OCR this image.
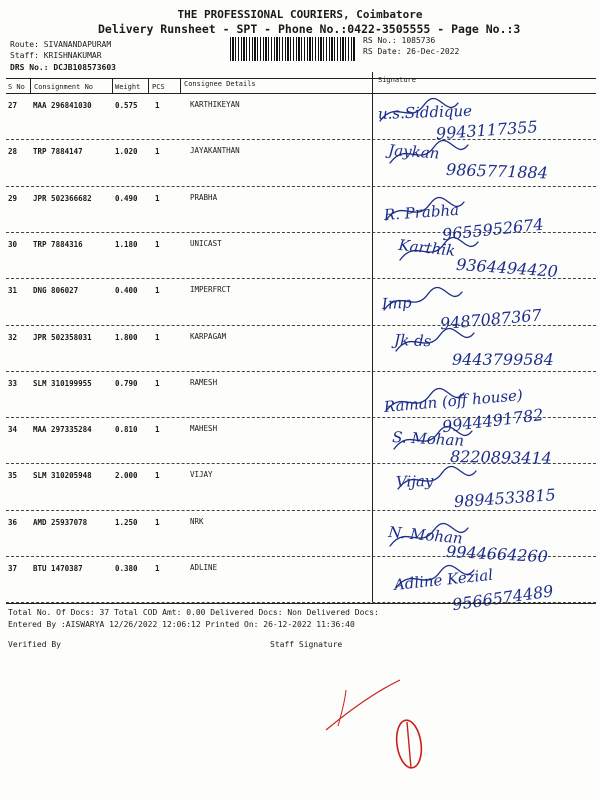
THE PROFESSIONAL COURIERS, Coimbatore
Delivery Runsheet - SPT - Phone No.:0422-3505555 - Page No.:3
Route: SIVANANDAPURAM
Staff: KRISHNAKUMAR
DRS No.: DCJB108573603
RS No.: 1085736
RS Date: 26-Dec-2022
S No Consignment No	Weight PCS	Consignee Details	Signature
27 MAA 296841030	0.575 1	KARTHIKEYAN	u.s.Siddique
9943117355
28 TRP 7884147	1.020 1	JAYAKANTHAN	Jaykan
9865771884
29 JPR 502366682	0.490 1	PRABHA
R. Prabha
9655952674
30 TRP 7884316	1.180 1	UNICAST	Karthik
9364494420
31 DNG 806027	0.400 1	IMPERFRCT
Imp
9487087367
32 JPR 502358031	1.800 1	KARPAGAM	Jk ds
9443799584
33 SLM 310199955	0.790 1	RAMESH
Raman (off house)
9944491782
34 MAA 297335284	0.810 1	MAHESH	S. Mohan
8220893414
35 SLM 310205948	2.000 1	VIJAY	Vijay
9894533815
36 AMD 25937078	1.250 1	NRK
N. Mohan
9944664260
37 BTU 1470387	0.380 1	ADLINE	Adline Kezial
9566574489
Total No. Of Docs: 37 Total COD Amt: 0.00 Delivered Docs: Non Delivered Docs:
Entered By :AISWARYA 12/26/2022 12:06:12 Printed On: 26-12-2022 11:36:40
Verified By	Staff Signature
